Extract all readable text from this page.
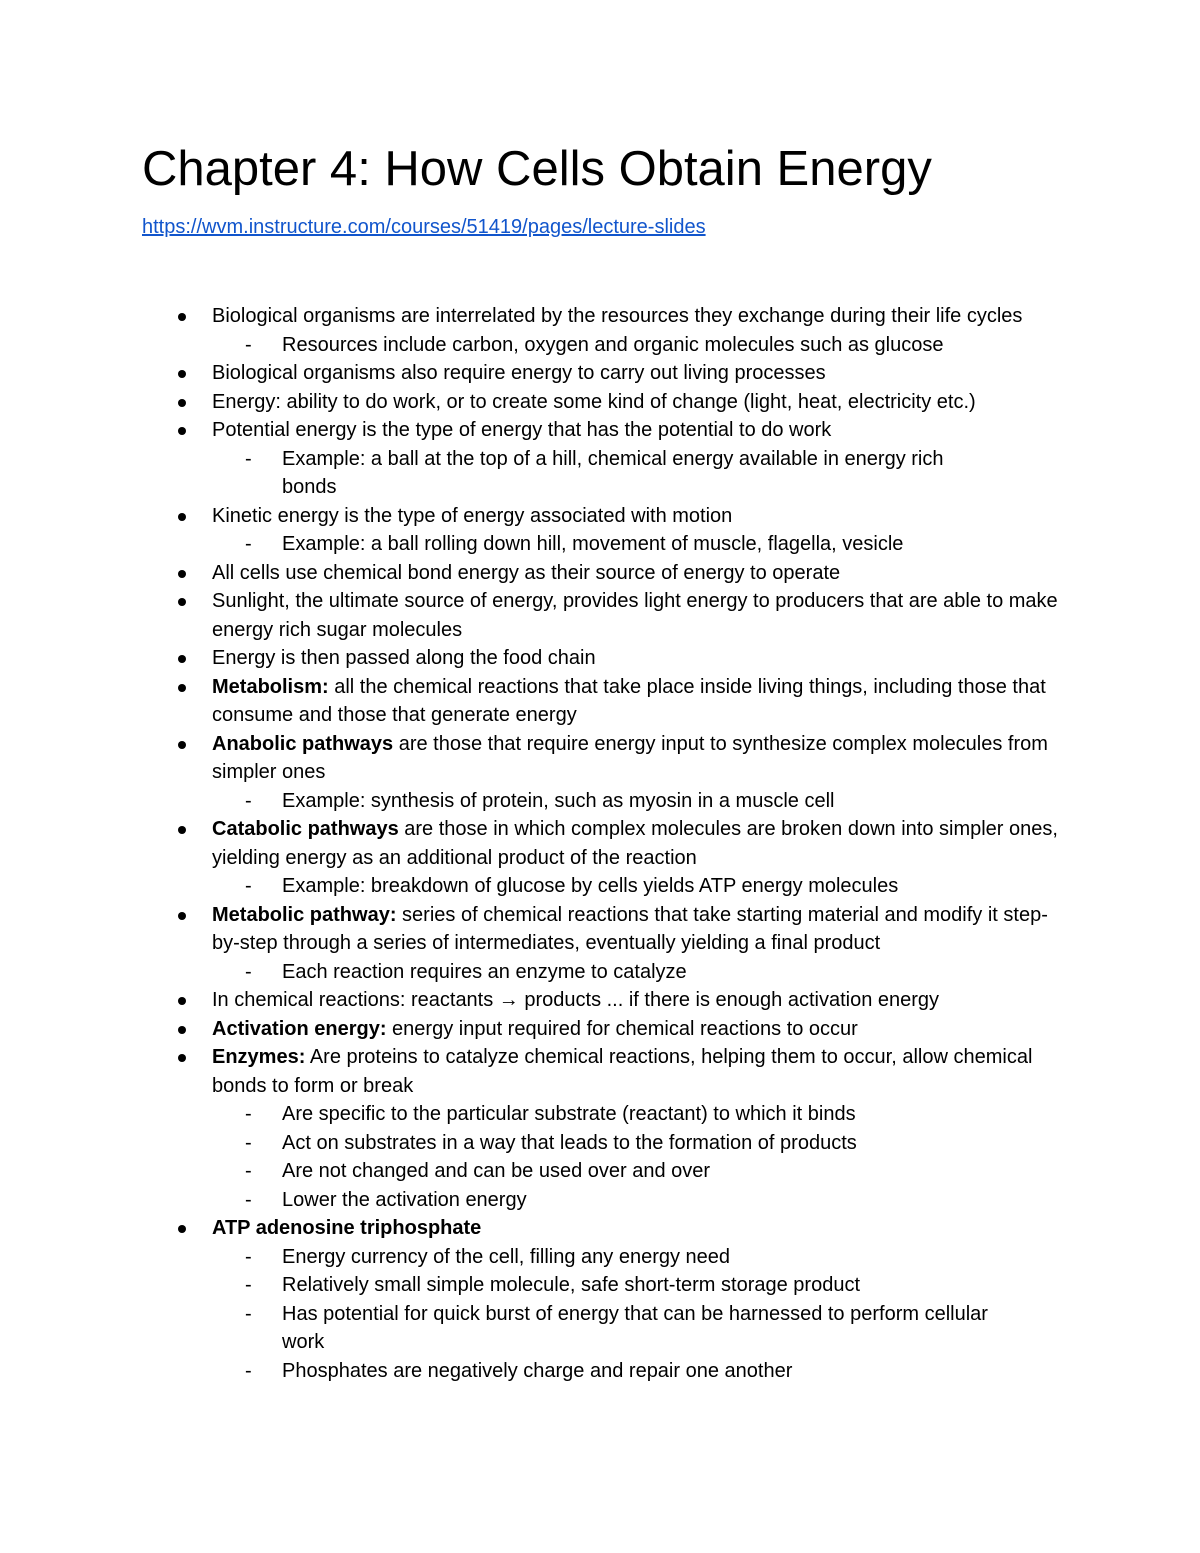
Chapter 4: How Cells Obtain Energy
https://wvm.instructure.com/courses/51419/pages/lecture-slides
Biological organisms are interrelated by the resources they exchange during their life cycles
- Resources include carbon, oxygen and organic molecules such as glucose
Biological organisms also require energy to carry out living processes
Energy: ability to do work, or to create some kind of change (light, heat, electricity etc.)
Potential energy is the type of energy that has the potential to do work
- Example: a ball at the top of a hill, chemical energy available in energy rich bonds
Kinetic energy is the type of energy associated with motion
- Example: a ball rolling down hill, movement of muscle, flagella, vesicle
All cells use chemical bond energy as their source of energy to operate
Sunlight, the ultimate source of energy, provides light energy to producers that are able to make energy rich sugar molecules
Energy is then passed along the food chain
Metabolism: all the chemical reactions that take place inside living things, including those that consume and those that generate energy
Anabolic pathways are those that require energy input to synthesize complex molecules from simpler ones
- Example: synthesis of protein, such as myosin in a muscle cell
Catabolic pathways are those in which complex molecules are broken down into simpler ones, yielding energy as an additional product of the reaction
- Example: breakdown of glucose by cells yields ATP energy molecules
Metabolic pathway: series of chemical reactions that take starting material and modify it step-by-step through a series of intermediates, eventually yielding a final product
- Each reaction requires an enzyme to catalyze
In chemical reactions: reactants → products ... if there is enough activation energy
Activation energy: energy input required for chemical reactions to occur
Enzymes: Are proteins to catalyze chemical reactions, helping them to occur, allow chemical bonds to form or break
- Are specific to the particular substrate (reactant) to which it binds
- Act on substrates in a way that leads to the formation of products
- Are not changed and can be used over and over
- Lower the activation energy
ATP adenosine triphosphate
- Energy currency of the cell, filling any energy need
- Relatively small simple molecule, safe short-term storage product
- Has potential for quick burst of energy that can be harnessed to perform cellular work
- Phosphates are negatively charge and repair one another
